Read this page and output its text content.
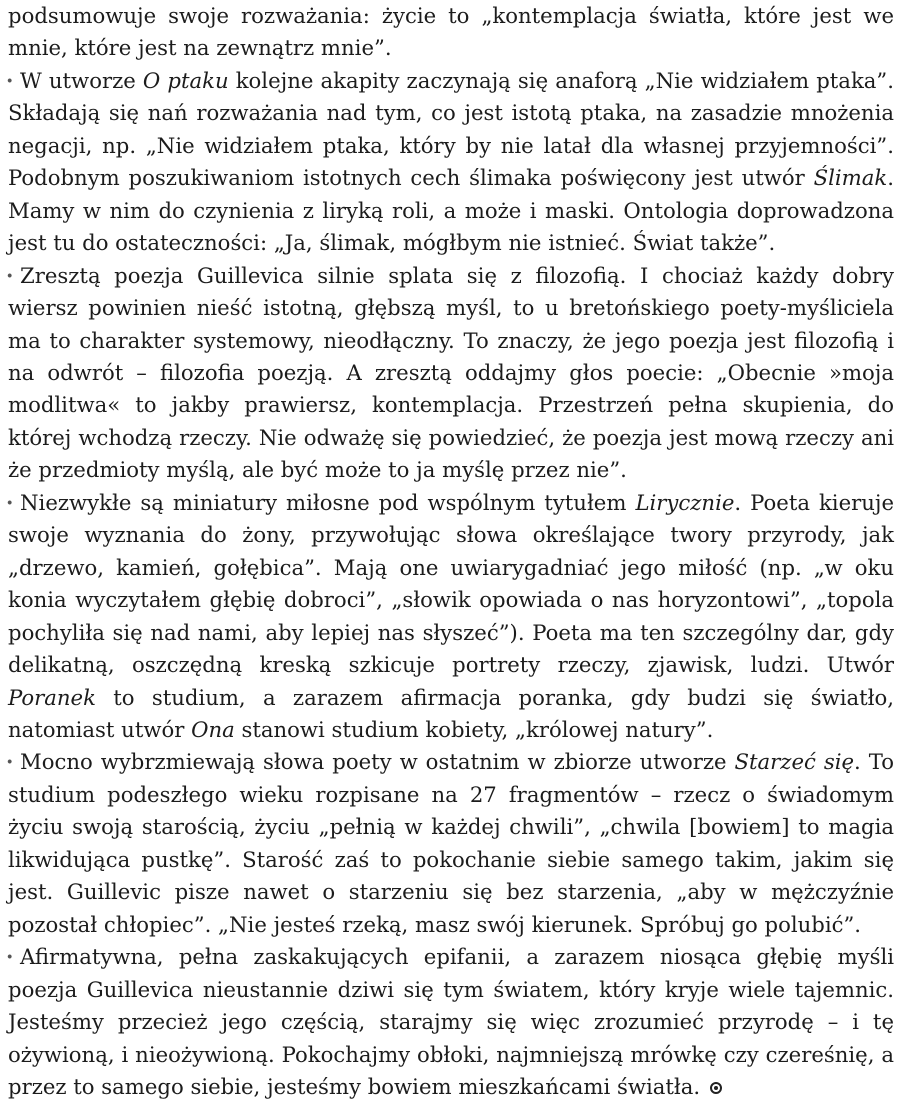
podsumowuje swoje rozważania: życie to „kontemplacja światła, które jest we mnie, które jest na zewnątrz mnie”.

· W utworze O ptaku kolejne akapity zaczynają się anaforą „Nie widziałem ptaka”. Składają się nań rozważania nad tym, co jest istotą ptaka, na zasadzie mnożenia negacji, np. „Nie widziałem ptaka, który by nie latał dla własnej przyjemności”. Podobnym poszukiwaniom istotnych cech ślimaka poświęcony jest utwór Ślimak. Mamy w nim do czynienia z liryką roli, a może i maski. Ontologia doprowadzona jest tu do ostateczności: „Ja, ślimak, mógłbym nie istnieć. Świat także”.

· Zresztą poezja Guillevica silnie splata się z filozofią. I chociaż każdy dobry wiersz powinien nieść istotną, głębszą myśl, to u bretońskiego poety-myśliciela ma to charakter systemowy, nieodłączny. To znaczy, że jego poezja jest filozofią i na odwrót – filozofia poezją. A zresztą oddajmy głos poecie: „Obecnie »moja modlitwa« to jakby prawiersz, kontemplacja. Przestrzeń pełna skupienia, do której wchodzą rzeczy. Nie odważę się powiedzieć, że poezja jest mową rzeczy ani że przedmioty myślą, ale być może to ja myślę przez nie”.

· Niezwykłe są miniatury miłosne pod wspólnym tytułem Lirycznie. Poeta kieruje swoje wyznania do żony, przywołując słowa określające twory przyrody, jak „drzewo, kamień, gołębica”. Mają one uwiarygadniać jego miłość (np. „w oku konia wyczytałem głębię dobroci”, „słowik opowiada o nas horyzontowi”, „topola pochyliła się nad nami, aby lepiej nas słyszeć”). Poeta ma ten szczególny dar, gdy delikatną, oszczędną kreską szkicuje portrety rzeczy, zjawisk, ludzi. Utwór Poranek to studium, a zarazem afirmacja poranka, gdy budzi się światło, natomiast utwór Ona stanowi studium kobiety, „królowej natury”.

· Mocno wybrzmiewają słowa poety w ostatnim w zbiorze utworze Starzeć się. To studium podeszłego wieku rozpisane na 27 fragmentów – rzecz o świadomym życiu swoją starością, życiu „pełnią w każdej chwili”, „chwila [bowiem] to magia likwidująca pustkę”. Starość zaś to pokochanie siebie samego takim, jakim się jest. Guillevic pisze nawet o starzeniu się bez starzenia, „aby w mężczyźnie pozostał chłopiec”. „Nie jesteś rzeką, masz swój kierunek. Spróbuj go polubić”.

· Afirmatywna, pełna zaskakujących epifanii, a zarazem niosąca głębię myśli poezja Guillevica nieustannie dziwi się tym światem, który kryje wiele tajemnic. Jesteśmy przecież jego częścią, starajmy się więc zrozumieć przyrodę – i tę ożywioną, i nieożywioną. Pokochajmy obłoki, najmniejszą mrówkę czy czereśnię, a przez to samego siebie, jesteśmy bowiem mieszkańcami światła.
